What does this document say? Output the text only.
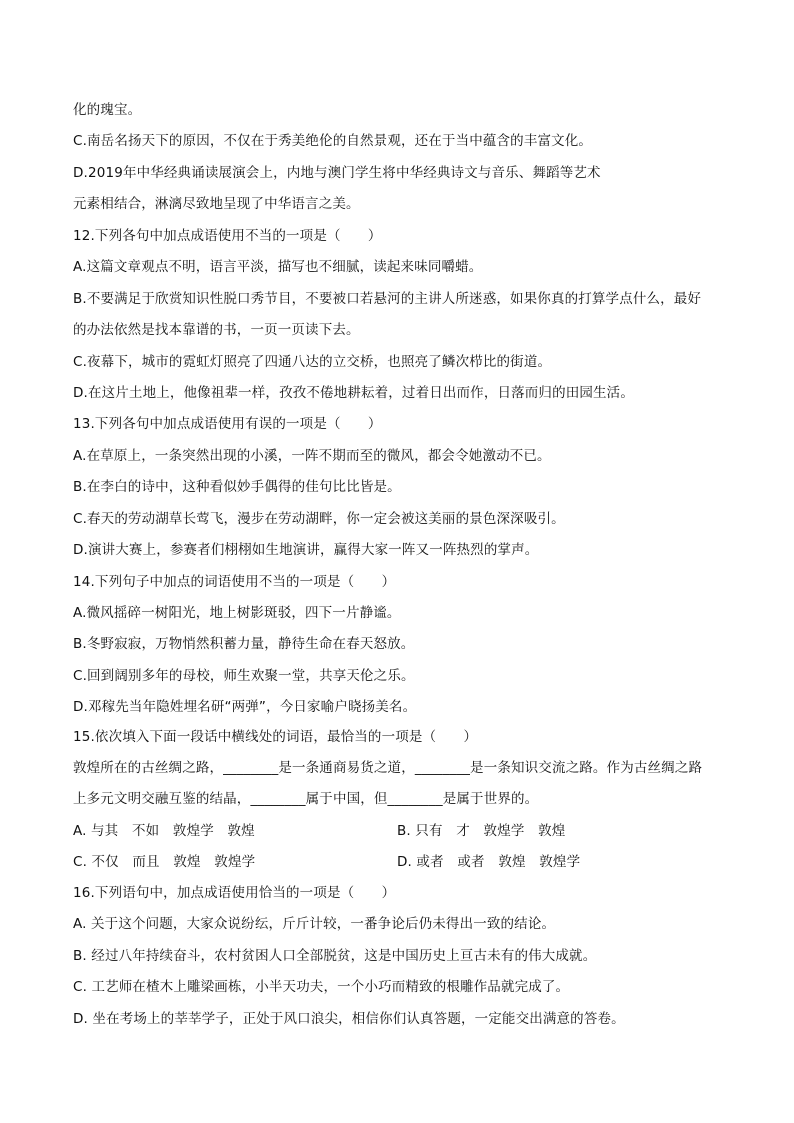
化的瑰宝。
C.南岳名扬天下的原因，不仅在于秀美绝伦的自然景观，还在于当中蕴含的丰富文化。
D.2019年中华经典诵读展演会上，内地与澳门学生将中华经典诗文与音乐、舞蹈等艺术
元素相结合，淋漓尽致地呈现了中华语言之美。
12.下列各句中加点成语使用不当的一项是（　　）
A.这篇文章观点不明，语言平淡，描写也不细腻，读起来味同嚼蜡。
B.不要满足于欣赏知识性脱口秀节目，不要被口若悬河的主讲人所迷惑，如果你真的打算学点什么，最好
的办法依然是找本靠谱的书，一页一页读下去。
C.夜幕下，城市的霓虹灯照亮了四通八达的立交桥，也照亮了鳞次栉比的街道。
D.在这片土地上，他像祖辈一样，孜孜不倦地耕耘着，过着日出而作，日落而归的田园生活。
13.下列各句中加点成语使用有误的一项是（　　）
A.在草原上，一条突然出现的小溪，一阵不期而至的微风，都会令她激动不已。
B.在李白的诗中，这种看似妙手偶得的佳句比比皆是。
C.春天的劳动湖草长莺飞，漫步在劳动湖畔，你一定会被这美丽的景色深深吸引。
D.演讲大赛上，参赛者们栩栩如生地演讲，赢得大家一阵又一阵热烈的掌声。
14.下列句子中加点的词语使用不当的一项是（　　）
A.微风摇碎一树阳光，地上树影斑驳，四下一片静谧。
B.冬野寂寂，万物悄然积蓄力量，静待生命在春天怒放。
C.回到阔别多年的母校，师生欢聚一堂，共享天伦之乐。
D.邓稼先当年隐姓埋名研“两弹”，今日家喻户晓扬美名。
15.依次填入下面一段话中横线处的词语，最恰当的一项是（　　）
敦煌所在的古丝绸之路，________是一条通商易货之道，________是一条知识交流之路。作为古丝绸之路
上多元文明交融互鉴的结晶，________属于中国，但________是属于世界的。
A. 与其　不如　敦煌学　敦煌	B. 只有　才　敦煌学　敦煌
C. 不仅　而且　敦煌　敦煌学	D. 或者　或者　敦煌　敦煌学
16.下列语句中，加点成语使用恰当的一项是（　　）
A. 关于这个问题，大家众说纷纭，斤斤计较，一番争论后仍未得出一致的结论。
B. 经过八年持续奋斗，农村贫困人口全部脱贫，这是中国历史上亘古未有的伟大成就。
C. 工艺师在楂木上雕梁画栋，小半天功夫，一个小巧而精致的根雕作品就完成了。
D. 坐在考场上的莘莘学子，正处于风口浪尖，相信你们认真答题，一定能交出满意的答卷。
